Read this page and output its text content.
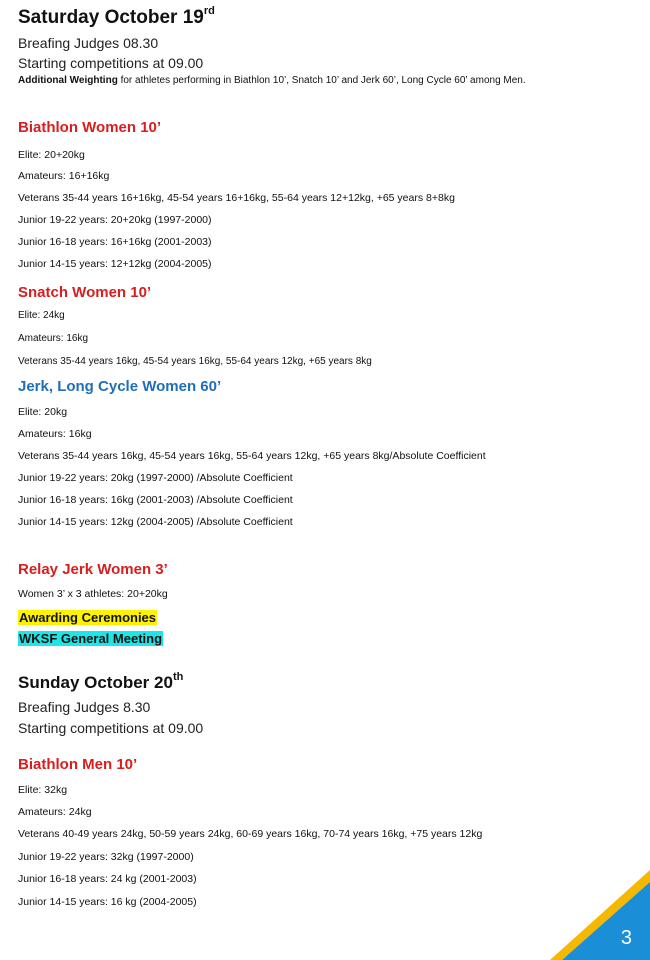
Saturday October 19rd
Breafing Judges 08.30
Starting competitions at 09.00
Additional Weighting for athletes performing in Biathlon 10’, Snatch 10’ and Jerk 60’, Long Cycle 60’ among Men.
Biathlon Women 10’
Elite: 20+20kg
Amateurs: 16+16kg
Veterans 35-44 years 16+16kg, 45-54 years 16+16kg, 55-64 years 12+12kg, +65 years 8+8kg
Junior 19-22 years: 20+20kg (1997-2000)
Junior 16-18 years: 16+16kg (2001-2003)
Junior 14-15 years: 12+12kg (2004-2005)
Snatch Women 10’
Elite: 24kg
Amateurs: 16kg
Veterans 35-44 years 16kg, 45-54 years 16kg, 55-64 years 12kg, +65 years 8kg
Jerk, Long Cycle Women 60’
Elite: 20kg
Amateurs: 16kg
Veterans 35-44 years 16kg, 45-54 years 16kg, 55-64 years 12kg, +65 years 8kg/Absolute Coefficient
Junior 19-22 years: 20kg (1997-2000) /Absolute Coefficient
Junior 16-18 years: 16kg (2001-2003) /Absolute Coefficient
Junior 14-15 years: 12kg (2004-2005) /Absolute Coefficient
Relay Jerk Women 3’
Women 3’ x 3 athletes: 20+20kg
Awarding Ceremonies
WKSF General Meeting
Sunday October 20th
Breafing Judges 8.30
Starting competitions at 09.00
Biathlon Men 10’
Elite: 32kg
Amateurs: 24kg
Veterans 40-49 years 24kg, 50-59 years 24kg, 60-69 years 16kg, 70-74 years 16kg, +75 years 12kg
Junior 19-22 years: 32kg (1997-2000)
Junior 16-18 years: 24 kg (2001-2003)
Junior 14-15 years: 16 kg (2004-2005)
3
